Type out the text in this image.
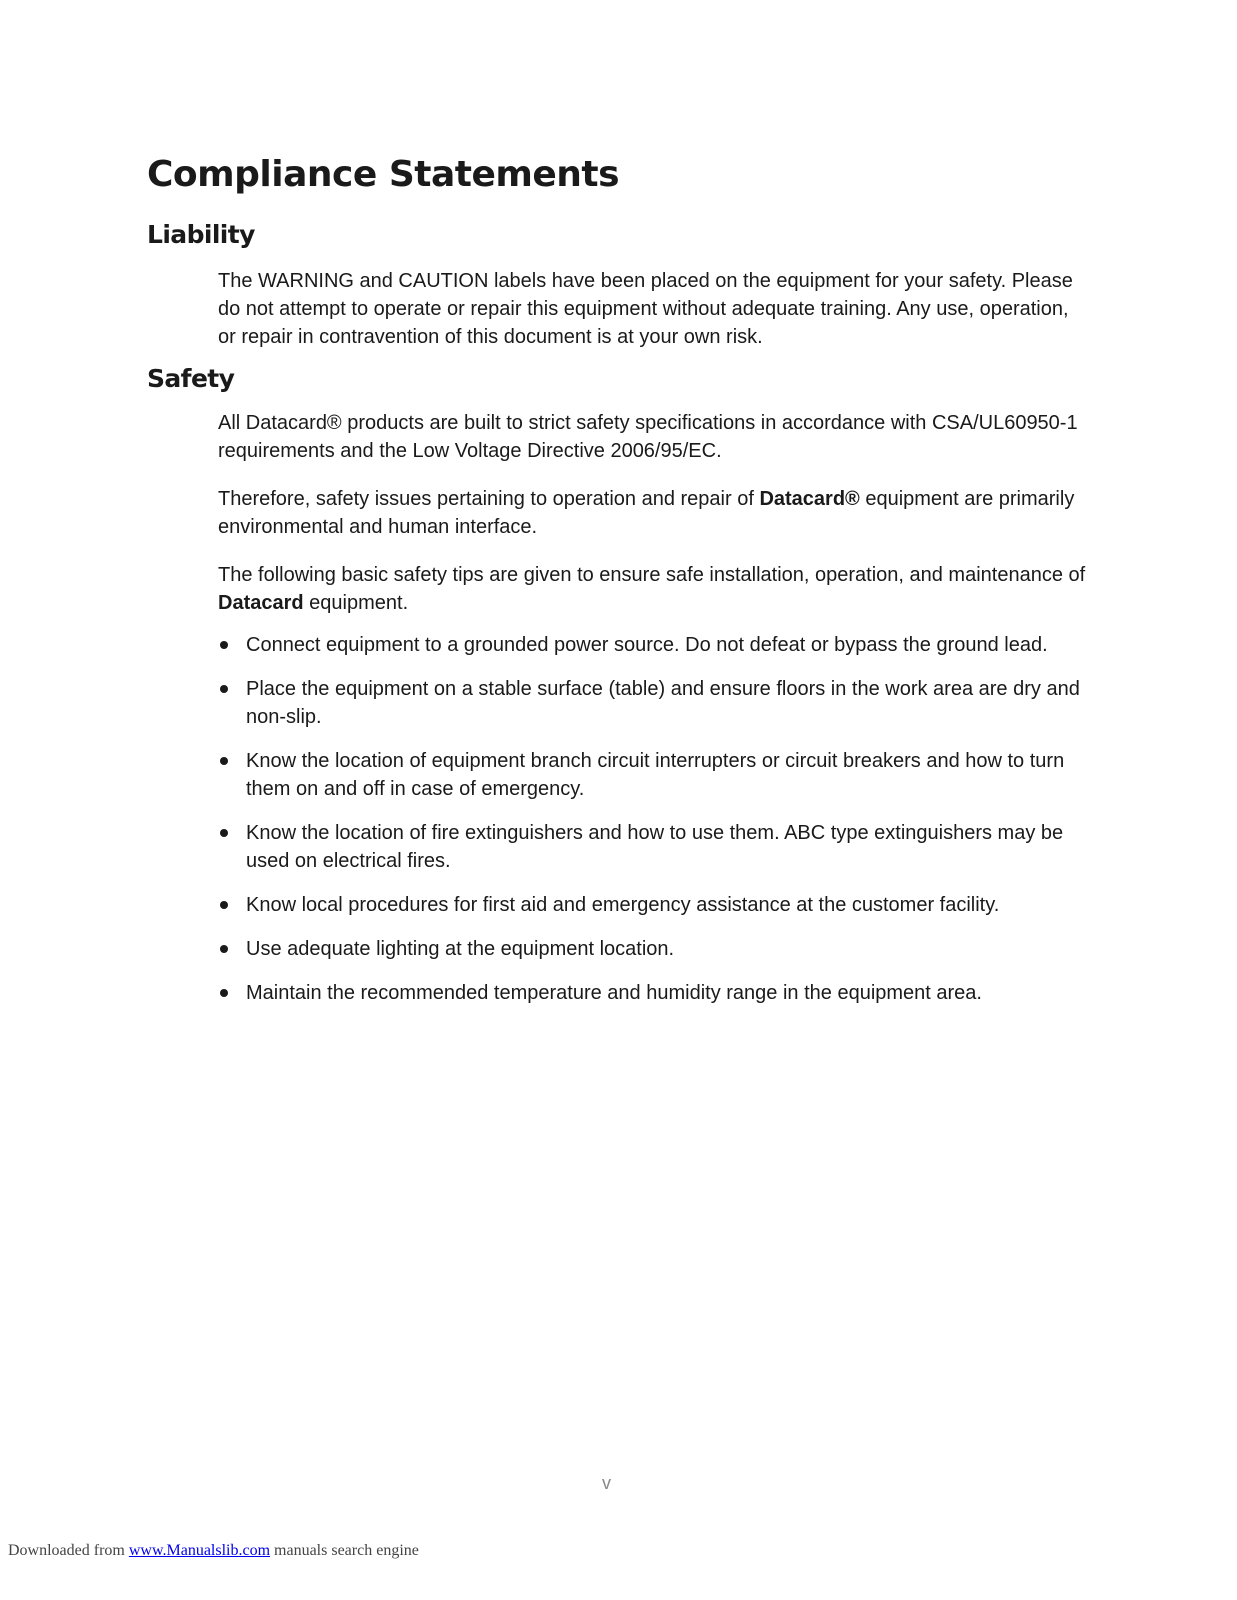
Compliance Statements
Liability

The WARNING and CAUTION labels have been placed on the equipment for your safety. Please do not attempt to operate or repair this equipment without adequate training. Any use, operation, or repair in contravention of this document is at your own risk.

Safety

All Datacard® products are built to strict safety specifications in accordance with CSA/UL60950-1 requirements and the Low Voltage Directive 2006/95/EC.

Therefore, safety issues pertaining to operation and repair of Datacard® equipment are primarily environmental and human interface.

The following basic safety tips are given to ensure safe installation, operation, and maintenance of Datacard equipment.

Connect equipment to a grounded power source. Do not defeat or bypass the ground lead.
Place the equipment on a stable surface (table) and ensure floors in the work area are dry and non-slip.
Know the location of equipment branch circuit interrupters or circuit breakers and how to turn them on and off in case of emergency.
Know the location of fire extinguishers and how to use them. ABC type extinguishers may be used on electrical fires.
Know local procedures for first aid and emergency assistance at the customer facility.
Use adequate lighting at the equipment location.
Maintain the recommended temperature and humidity range in the equipment area.
v
Downloaded from www.Manualslib.com manuals search engine
